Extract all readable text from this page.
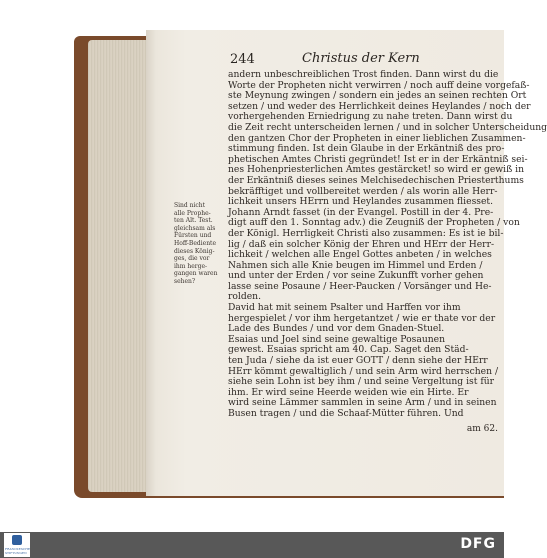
244	Christus der Kern
Sind nicht
alle Prophe-
ten Alt. Test.
gleichsam als
Fürsten und
Hoff-Bediente
dieses König-
ges, die vor
ihm herge-
gangen waren
sehen?
andern unbeschreiblichen Trost finden. Dann wirst du die
Worte der Propheten nicht verwirren / noch auff deine vorgefaß-
ste Meynung zwingen / sondern ein jedes an seinen rechten Ort
setzen / und weder des Herrlichkeit deines Heylandes / noch der
vorhergehenden Erniedrigung zu nahe treten. Dann wirst du
die Zeit recht unterscheiden lernen / und in solcher Unterscheidung
den gantzen Chor der Propheten in einer lieblichen Zusammen-
stimmung finden. Ist dein Glaube in der Erkäntniß des pro-
phetischen Amtes Christi gegründet! Ist er in der Erkäntniß sei-
nes Hohenpriesterlichen Amtes gestärcket! so wird er gewiß in
der Erkäntniß dieses seines Melchisedechischen Priesterthums
bekräfftiget und vollbereitet werden / als worin alle Herr-
lichkeit unsers HErrn und Heylandes zusammen fliesset.
Johann Arndt fasset (in der Evangel. Postill in der 4. Pre-
digt auff den 1. Sonntag adv.) die Zeugniß der Propheten / von
der Königl. Herrligkeit Christi also zusammen: Es ist ie bil-
lig / daß ein solcher König der Ehren und HErr der Herr-
lichkeit / welchen alle Engel Gottes anbeten / in welches
Nahmen sich alle Knie beugen im Himmel und Erden /
und unter der Erden / vor seine Zukunfft vorher gehen
lasse seine Posaune / Heer-Paucken / Vorsänger und He-
rolden.
David hat mit seinem Psalter und Harffen vor ihm
hergespielet / vor ihm hergetantzet / wie er thate vor der
Lade des Bundes / und vor dem Gnaden-Stuel.
Esaias und Joel sind seine gewaltige Posaunen
gewest. Esaias spricht am 40. Cap. Saget den Städ-
ten Juda / siehe da ist euer GOTT / denn siehe der HErr
HErr kömmt gewaltiglich / und sein Arm wird herrschen /
siehe sein Lohn ist bey ihm / und seine Vergeltung ist für
ihm. Er wird seine Heerde weiden wie ein Hirte. Er
wird seine Lämmer sammlen in seine Arm / und in seinen
Busen tragen / und die Schaaf-Mütter führen. Und
am 62.
FRANCKESCHE
STIFTUNGEN
DFG
